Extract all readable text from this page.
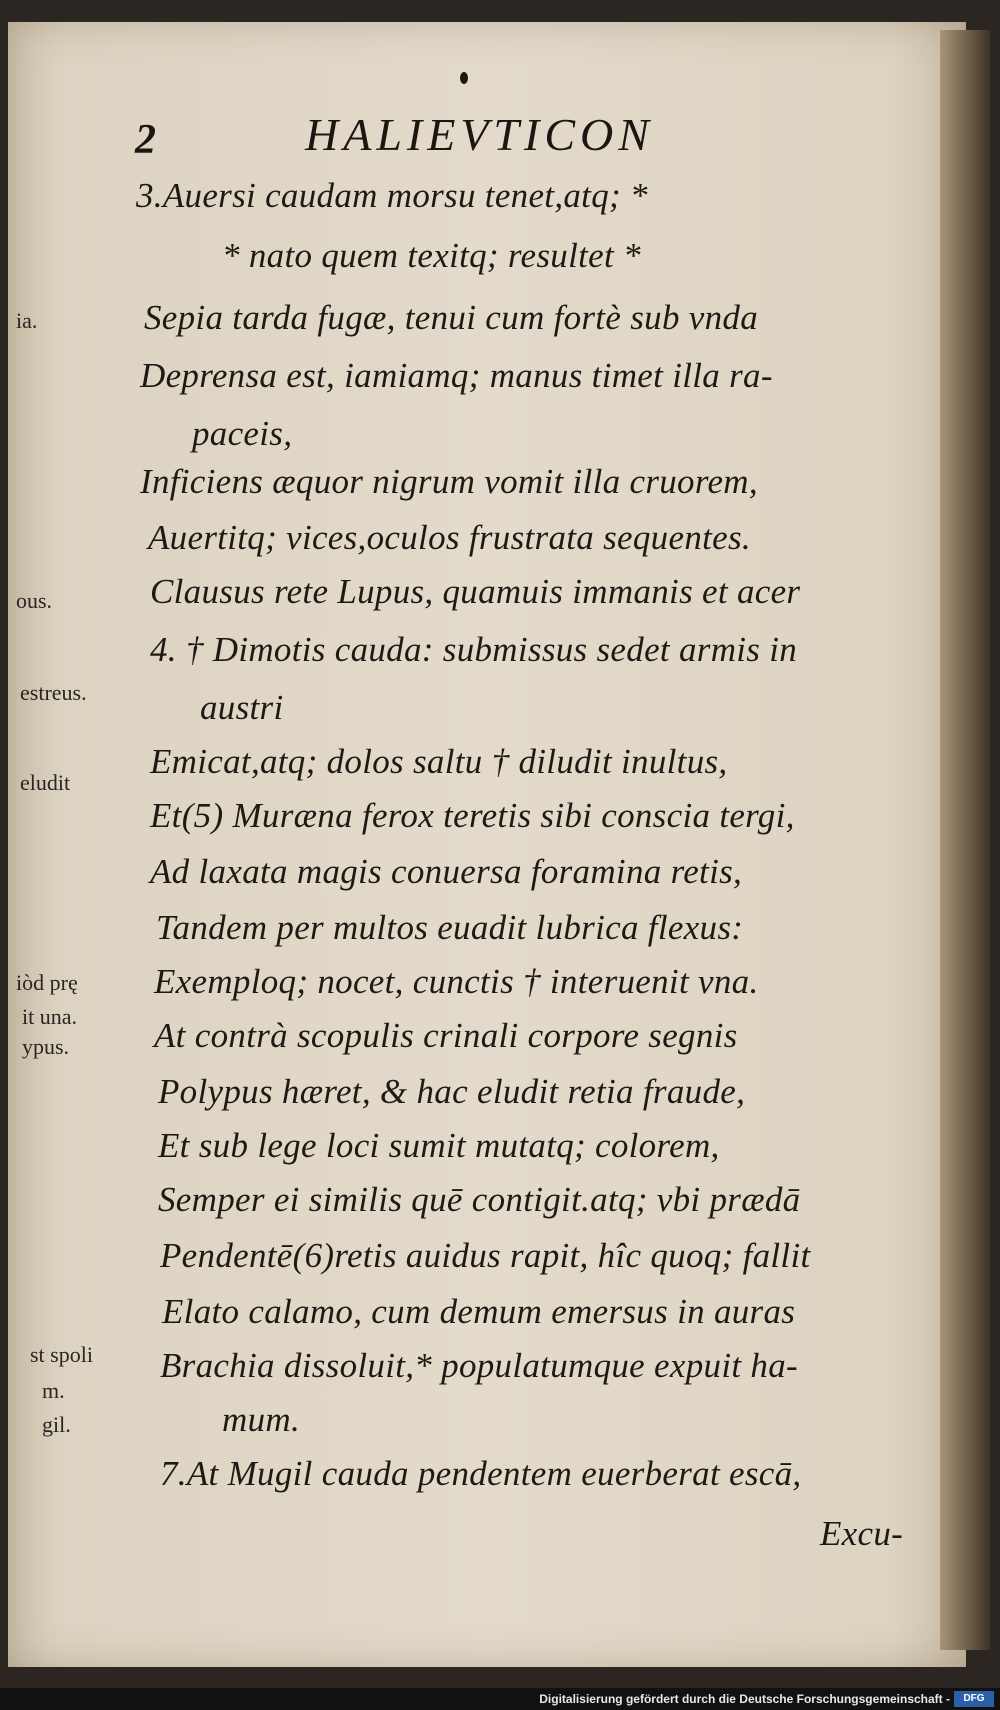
2	HALIEVTICON
ia.
ous.
estreus.
eludit
iòd prę
it una.
ypus.
st spoli
m.
gil.
3.Auersi caudam morsu tenet,atq; *
* nato quem texitq; resultet *
Sepia tarda fugæ, tenui cum fortè sub vnda
Deprensa est, iamiamq; manus timet illa ra-
paceis,
Inficiens æquor nigrum vomit illa cruorem,
Auertitq; vices,oculos frustrata sequentes.
Clausus rete Lupus, quamuis immanis et acer
4. † Dimotis cauda: submissus sedet armis in
austri
Emicat,atq; dolos saltu † diludit inultus,
Et(5) Muræna ferox teretis sibi conscia tergi,
Ad laxata magis conuersa foramina retis,
Tandem per multos euadit lubrica flexus:
Exemploq; nocet, cunctis † interuenit vna.
At contrà scopulis crinali corpore segnis
Polypus hæret, & hac eludit retia fraude,
Et sub lege loci sumit mutatq; colorem,
Semper ei similis quē contigit.atq; vbi prædā
Pendentē(6)retis auidus rapit, hîc quoq; fallit
Elato calamo, cum demum emersus in auras
Brachia dissoluit,* populatumque expuit ha-
mum.
7.At Mugil cauda pendentem euerberat escā,
Excu-
Digitalisierung gefördert durch die Deutsche Forschungsgemeinschaft -	DFG
